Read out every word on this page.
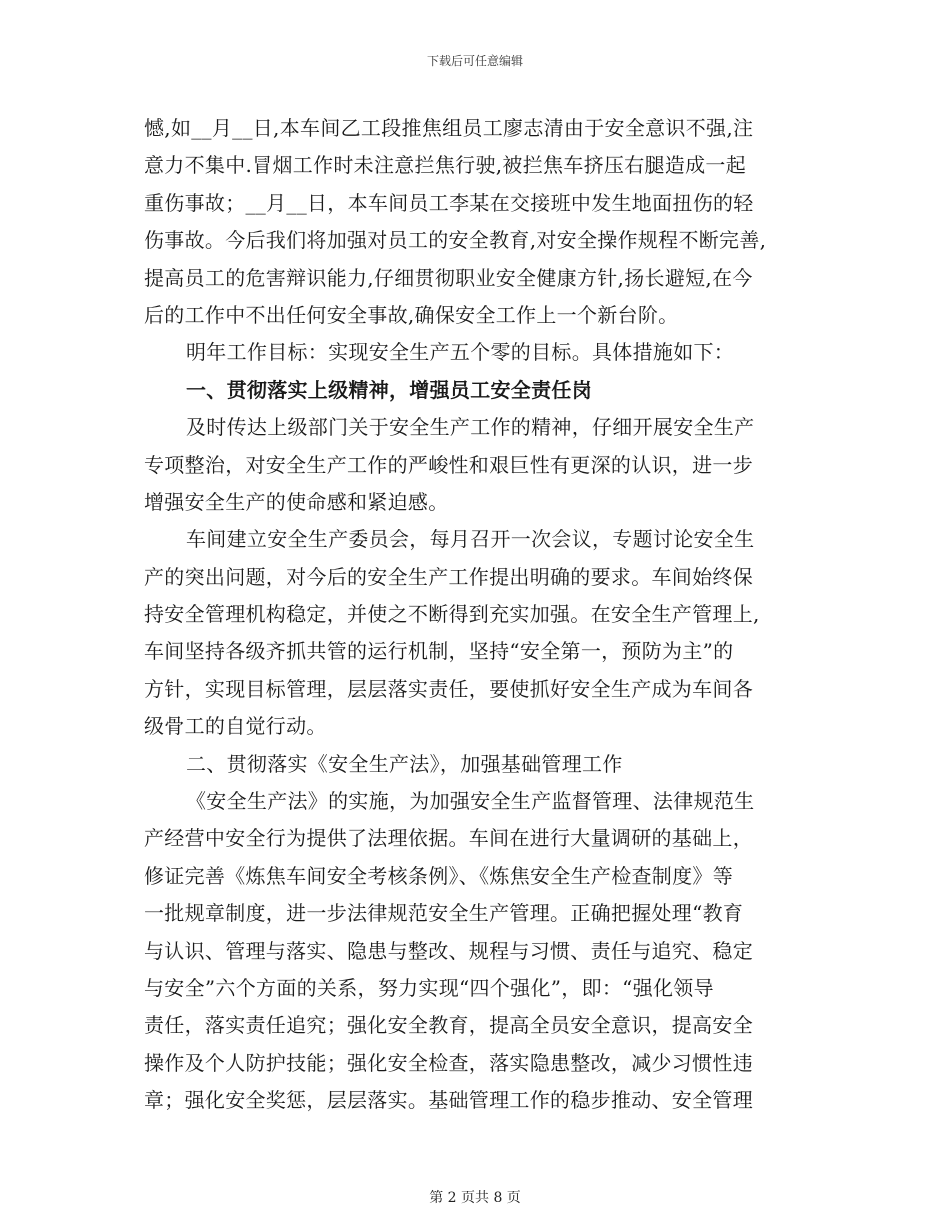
下载后可任意编辑
憾,如__月__日,本车间乙工段推焦组员工廖志清由于安全意识不强,注
意力不集中.冒烟工作时未注意拦焦行驶,被拦焦车挤压右腿造成一起
重伤事故；__月__日，本车间员工李某在交接班中发生地面扭伤的轻
伤事故。今后我们将加强对员工的安全教育,对安全操作规程不断完善,
提高员工的危害辩识能力,仔细贯彻职业安全健康方针,扬长避短,在今
后的工作中不出任何安全事故,确保安全工作上一个新台阶。
明年工作目标：实现安全生产五个零的目标。具体措施如下：
一、贯彻落实上级精神，增强员工安全责任岗
及时传达上级部门关于安全生产工作的精神，仔细开展安全生产
专项整治，对安全生产工作的严峻性和艰巨性有更深的认识，进一步
增强安全生产的使命感和紧迫感。
车间建立安全生产委员会，每月召开一次会议，专题讨论安全生
产的突出问题，对今后的安全生产工作提出明确的要求。车间始终保
持安全管理机构稳定，并使之不断得到充实加强。在安全生产管理上,
车间坚持各级齐抓共管的运行机制，坚持“安全第一，预防为主”的
方针，实现目标管理，层层落实责任，要使抓好安全生产成为车间各
级骨工的自觉行动。
二、贯彻落实《安全生产法》，加强基础管理工作
《安全生产法》的实施，为加强安全生产监督管理、法律规范生
产经营中安全行为提供了法理依据。车间在进行大量调研的基础上，
修证完善《炼焦车间安全考核条例》、《炼焦安全生产检查制度》等
一批规章制度，进一步法律规范安全生产管理。正确把握处理“教育
与认识、管理与落实、隐患与整改、规程与习惯、责任与追究、稳定
与安全”六个方面的关系，努力实现“四个强化”，即：“强化领导
责任，落实责任追究；强化安全教育，提高全员安全意识，提高安全
操作及个人防护技能；强化安全检查，落实隐患整改，减少习惯性违
章；强化安全奖惩，层层落实。基础管理工作的稳步推动、安全管理
第 2 页共 8 页
